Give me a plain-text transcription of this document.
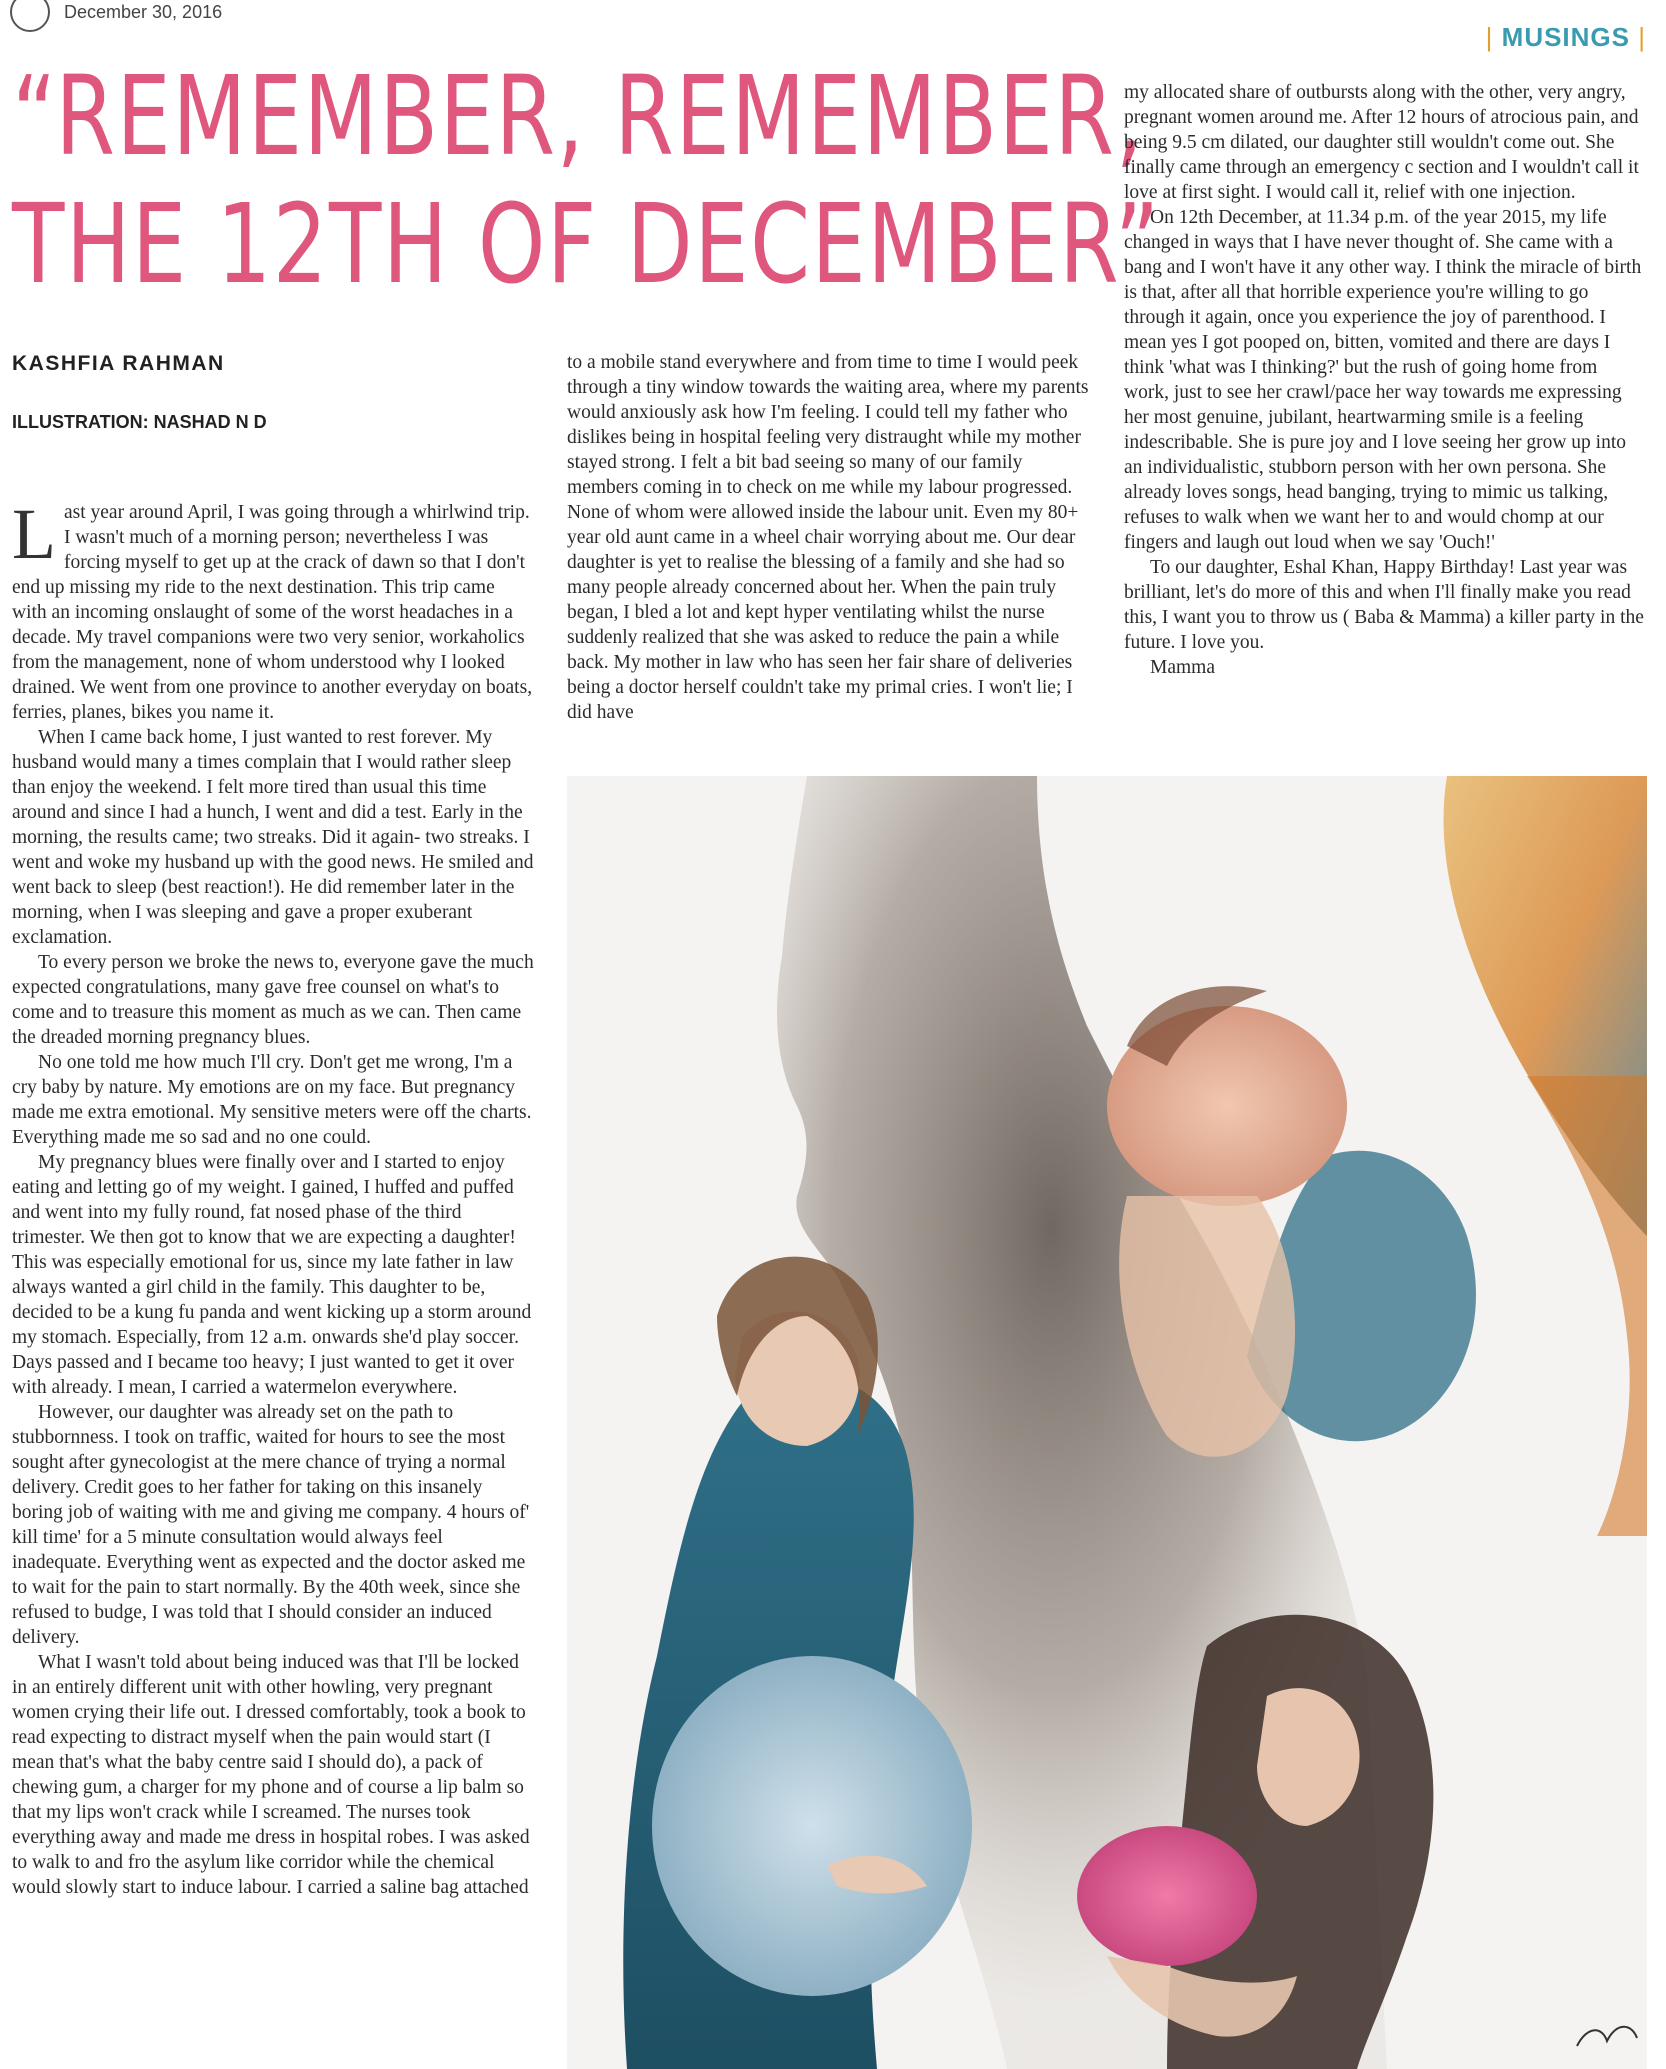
December 30, 2016
| MUSINGS |
“REMEMBER, REMEMBER,
THE 12TH OF DECEMBER”
KASHFIA RAHMAN
ILLUSTRATION: NASHAD N D

Last year around April, I was going through a whirlwind trip. I wasn't much of a morning person; nevertheless I was forcing myself to get up at the crack of dawn so that I don't end up missing my ride to the next destination. This trip came with an incoming onslaught of some of the worst headaches in a decade. My travel companions were two very senior, workaholics from the management, none of whom understood why I looked drained. We went from one province to another everyday on boats, ferries, planes, bikes you name it.

When I came back home, I just wanted to rest forever. My husband would many a times complain that I would rather sleep than enjoy the weekend. I felt more tired than usual this time around and since I had a hunch, I went and did a test. Early in the morning, the results came; two streaks. Did it again- two streaks. I went and woke my husband up with the good news. He smiled and went back to sleep (best reaction!). He did remember later in the morning, when I was sleeping and gave a proper exuberant exclamation.

To every person we broke the news to, everyone gave the much expected congratulations, many gave free counsel on what's to come and to treasure this moment as much as we can. Then came the dreaded morning pregnancy blues.

No one told me how much I'll cry. Don't get me wrong, I'm a cry baby by nature. My emotions are on my face. But pregnancy made me extra emotional. My sensitive meters were off the charts. Everything made me so sad and no one could.

My pregnancy blues were finally over and I started to enjoy eating and letting go of my weight. I gained, I huffed and puffed and went into my fully round, fat nosed phase of the third trimester. We then got to know that we are expecting a daughter! This was especially emotional for us, since my late father in law always wanted a girl child in the family. This daughter to be, decided to be a kung fu panda and went kicking up a storm around my stomach. Especially, from 12 a.m. onwards she'd play soccer. Days passed and I became too heavy; I just wanted to get it over with already. I mean, I carried a watermelon everywhere.

However, our daughter was already set on the path to stubbornness. I took on traffic, waited for hours to see the most sought after gynecologist at the mere chance of trying a normal delivery. Credit goes to her father for taking on this insanely boring job of waiting with me and giving me company. 4 hours of' kill time' for a 5 minute consultation would always feel inadequate. Everything went as expected and the doctor asked me to wait for the pain to start normally. By the 40th week, since she refused to budge, I was told that I should consider an induced delivery.

What I wasn't told about being induced was that I'll be locked in an entirely different unit with other howling, very pregnant women crying their life out. I dressed comfortably, took a book to read expecting to distract myself when the pain would start (I mean that's what the baby centre said I should do), a pack of chewing gum, a charger for my phone and of course a lip balm so that my lips won't crack while I screamed. The nurses took everything away and made me dress in hospital robes. I was asked to walk to and fro the asylum like corridor while the chemical would slowly start to induce labour. I carried a saline bag attached

to a mobile stand everywhere and from time to time I would peek through a tiny window towards the waiting area, where my parents would anxiously ask how I'm feeling. I could tell my father who dislikes being in hospital feeling very distraught while my mother stayed strong. I felt a bit bad seeing so many of our family members coming in to check on me while my labour progressed. None of whom were allowed inside the labour unit. Even my 80+ year old aunt came in a wheel chair worrying about me. Our dear daughter is yet to realise the blessing of a family and she had so many people already concerned about her. When the pain truly began, I bled a lot and kept hyper ventilating whilst the nurse suddenly realized that she was asked to reduce the pain a while back. My mother in law who has seen her fair share of deliveries being a doctor herself couldn't take my primal cries. I won't lie; I did have

my allocated share of outbursts along with the other, very angry, pregnant women around me. After 12 hours of atrocious pain, and being 9.5 cm dilated, our daughter still wouldn't come out. She finally came through an emergency c section and I wouldn't call it love at first sight. I would call it, relief with one injection.

On 12th December, at 11.34 p.m. of the year 2015, my life changed in ways that I have never thought of. She came with a bang and I won't have it any other way. I think the miracle of birth is that, after all that horrible experience you're willing to go through it again, once you experience the joy of parenthood. I mean yes I got pooped on, bitten, vomited and there are days I think 'what was I thinking?' but the rush of going home from work, just to see her crawl/pace her way towards me expressing her most genuine, jubilant, heartwarming smile is a feeling indescribable. She is pure joy and I love seeing her grow up into an individualistic, stubborn person with her own persona. She already loves songs, head banging, trying to mimic us talking, refuses to walk when we want her to and would chomp at our fingers and laugh out loud when we say 'Ouch!'

To our daughter, Eshal Khan, Happy Birthday! Last year was brilliant, let's do more of this and when I'll finally make you read this, I want you to throw us ( Baba & Mamma) a killer party in the future. I love you.

Mamma
